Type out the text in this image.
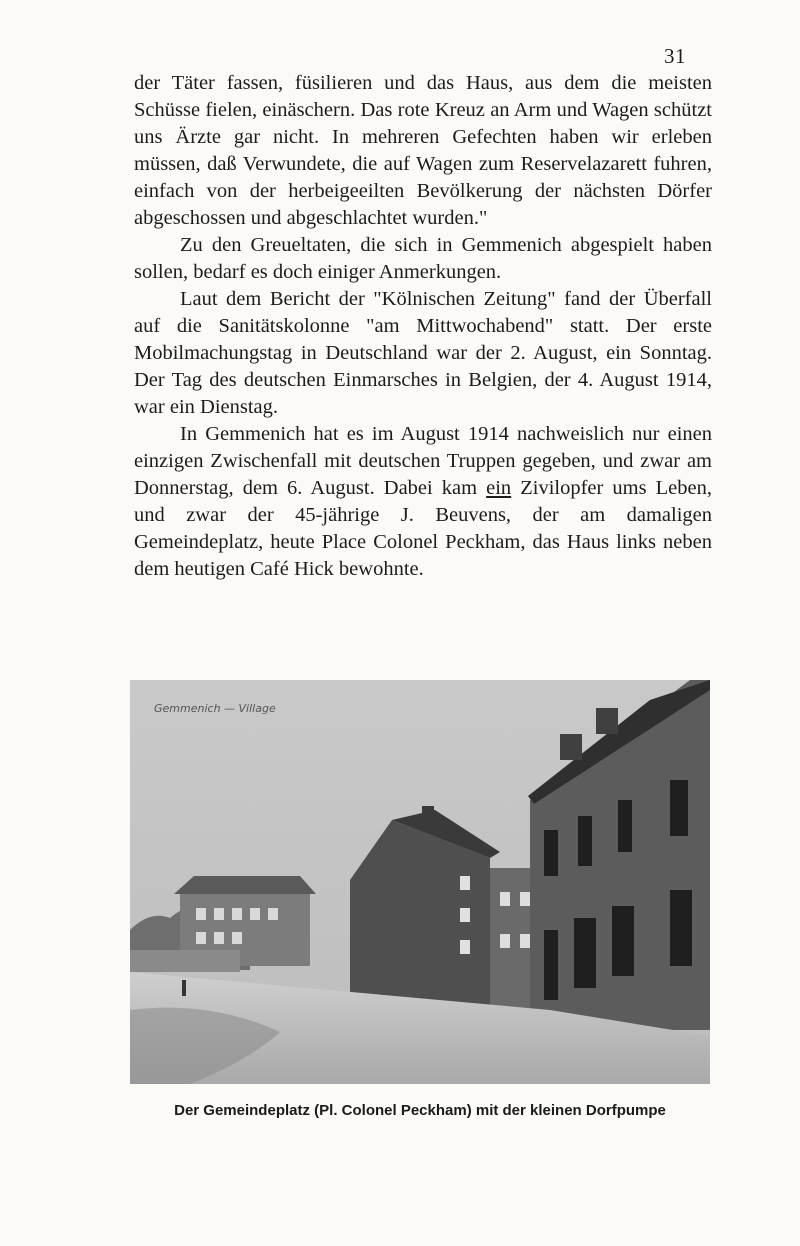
31

der Täter fassen, füsilieren und das Haus, aus dem die meisten Schüsse fielen, einäschern. Das rote Kreuz an Arm und Wagen schützt uns Ärzte gar nicht. In mehreren Gefechten haben wir erleben müssen, daß Verwundete, die auf Wagen zum Reservelazarett fuhren, einfach von der herbeigeeilten Bevölkerung der nächsten Dörfer abgeschossen und abgeschlachtet wurden."

Zu den Greueltaten, die sich in Gemmenich abgespielt haben sollen, bedarf es doch einiger Anmerkungen.

Laut dem Bericht der "Kölnischen Zeitung" fand der Überfall auf die Sanitätskolonne "am Mittwochabend" statt. Der erste Mobilmachungstag in Deutschland war der 2. August, ein Sonntag. Der Tag des deutschen Einmarsches in Belgien, der 4. August 1914, war ein Dienstag.

In Gemmenich hat es im August 1914 nachweislich nur einen einzigen Zwischenfall mit deutschen Truppen gegeben, und zwar am Donnerstag, dem 6. August. Dabei kam ein Zivilopfer ums Leben, und zwar der 45-jährige J. Beuvens, der am damaligen Gemeindeplatz, heute Place Colonel Peckham, das Haus links neben dem heutigen Café Hick bewohnte.

Gemmenich — Village
Der Gemeindeplatz (Pl. Colonel Peckham) mit der kleinen Dorfpumpe
